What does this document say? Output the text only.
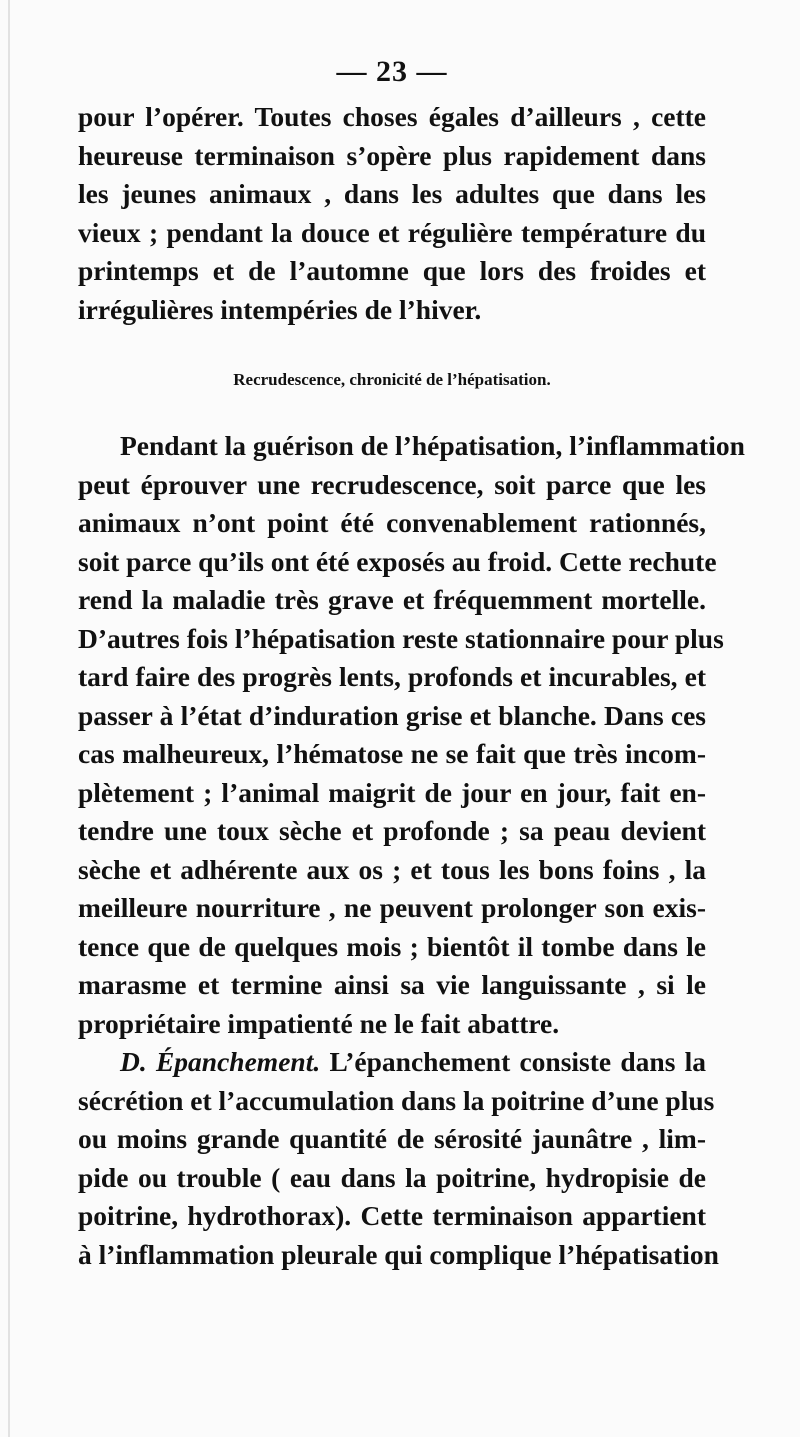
— 23 —
pour l’opérer. Toutes choses égales d’ailleurs , cette
heureuse terminaison s’opère plus rapidement dans
les jeunes animaux , dans les adultes que dans les
vieux ; pendant la douce et régulière température du
printemps et de l’automne que lors des froides et
irrégulières intempéries de l’hiver.
Recrudescence, chronicité de l’hépatisation.
Pendant la guérison de l’hépatisation, l’inflammation
peut éprouver une recrudescence, soit parce que les
animaux n’ont point été convenablement rationnés,
soit parce qu’ils ont été exposés au froid. Cette rechute
rend la maladie très grave et fréquemment mortelle.
D’autres fois l’hépatisation reste stationnaire pour plus
tard faire des progrès lents, profonds et incurables, et
passer à l’état d’induration grise et blanche. Dans ces
cas malheureux, l’hématose ne se fait que très incom-
plètement ; l’animal maigrit de jour en jour, fait en-
tendre une toux sèche et profonde ; sa peau devient
sèche et adhérente aux os ; et tous les bons foins , la
meilleure nourriture , ne peuvent prolonger son exis-
tence que de quelques mois ; bientôt il tombe dans le
marasme et termine ainsi sa vie languissante , si le
propriétaire impatienté ne le fait abattre.
D. Épanchement. L’épanchement consiste dans la
sécrétion et l’accumulation dans la poitrine d’une plus
ou moins grande quantité de sérosité jaunâtre , lim-
pide ou trouble ( eau dans la poitrine, hydropisie de
poitrine, hydrothorax). Cette terminaison appartient
à l’inflammation pleurale qui complique l’hépatisation
